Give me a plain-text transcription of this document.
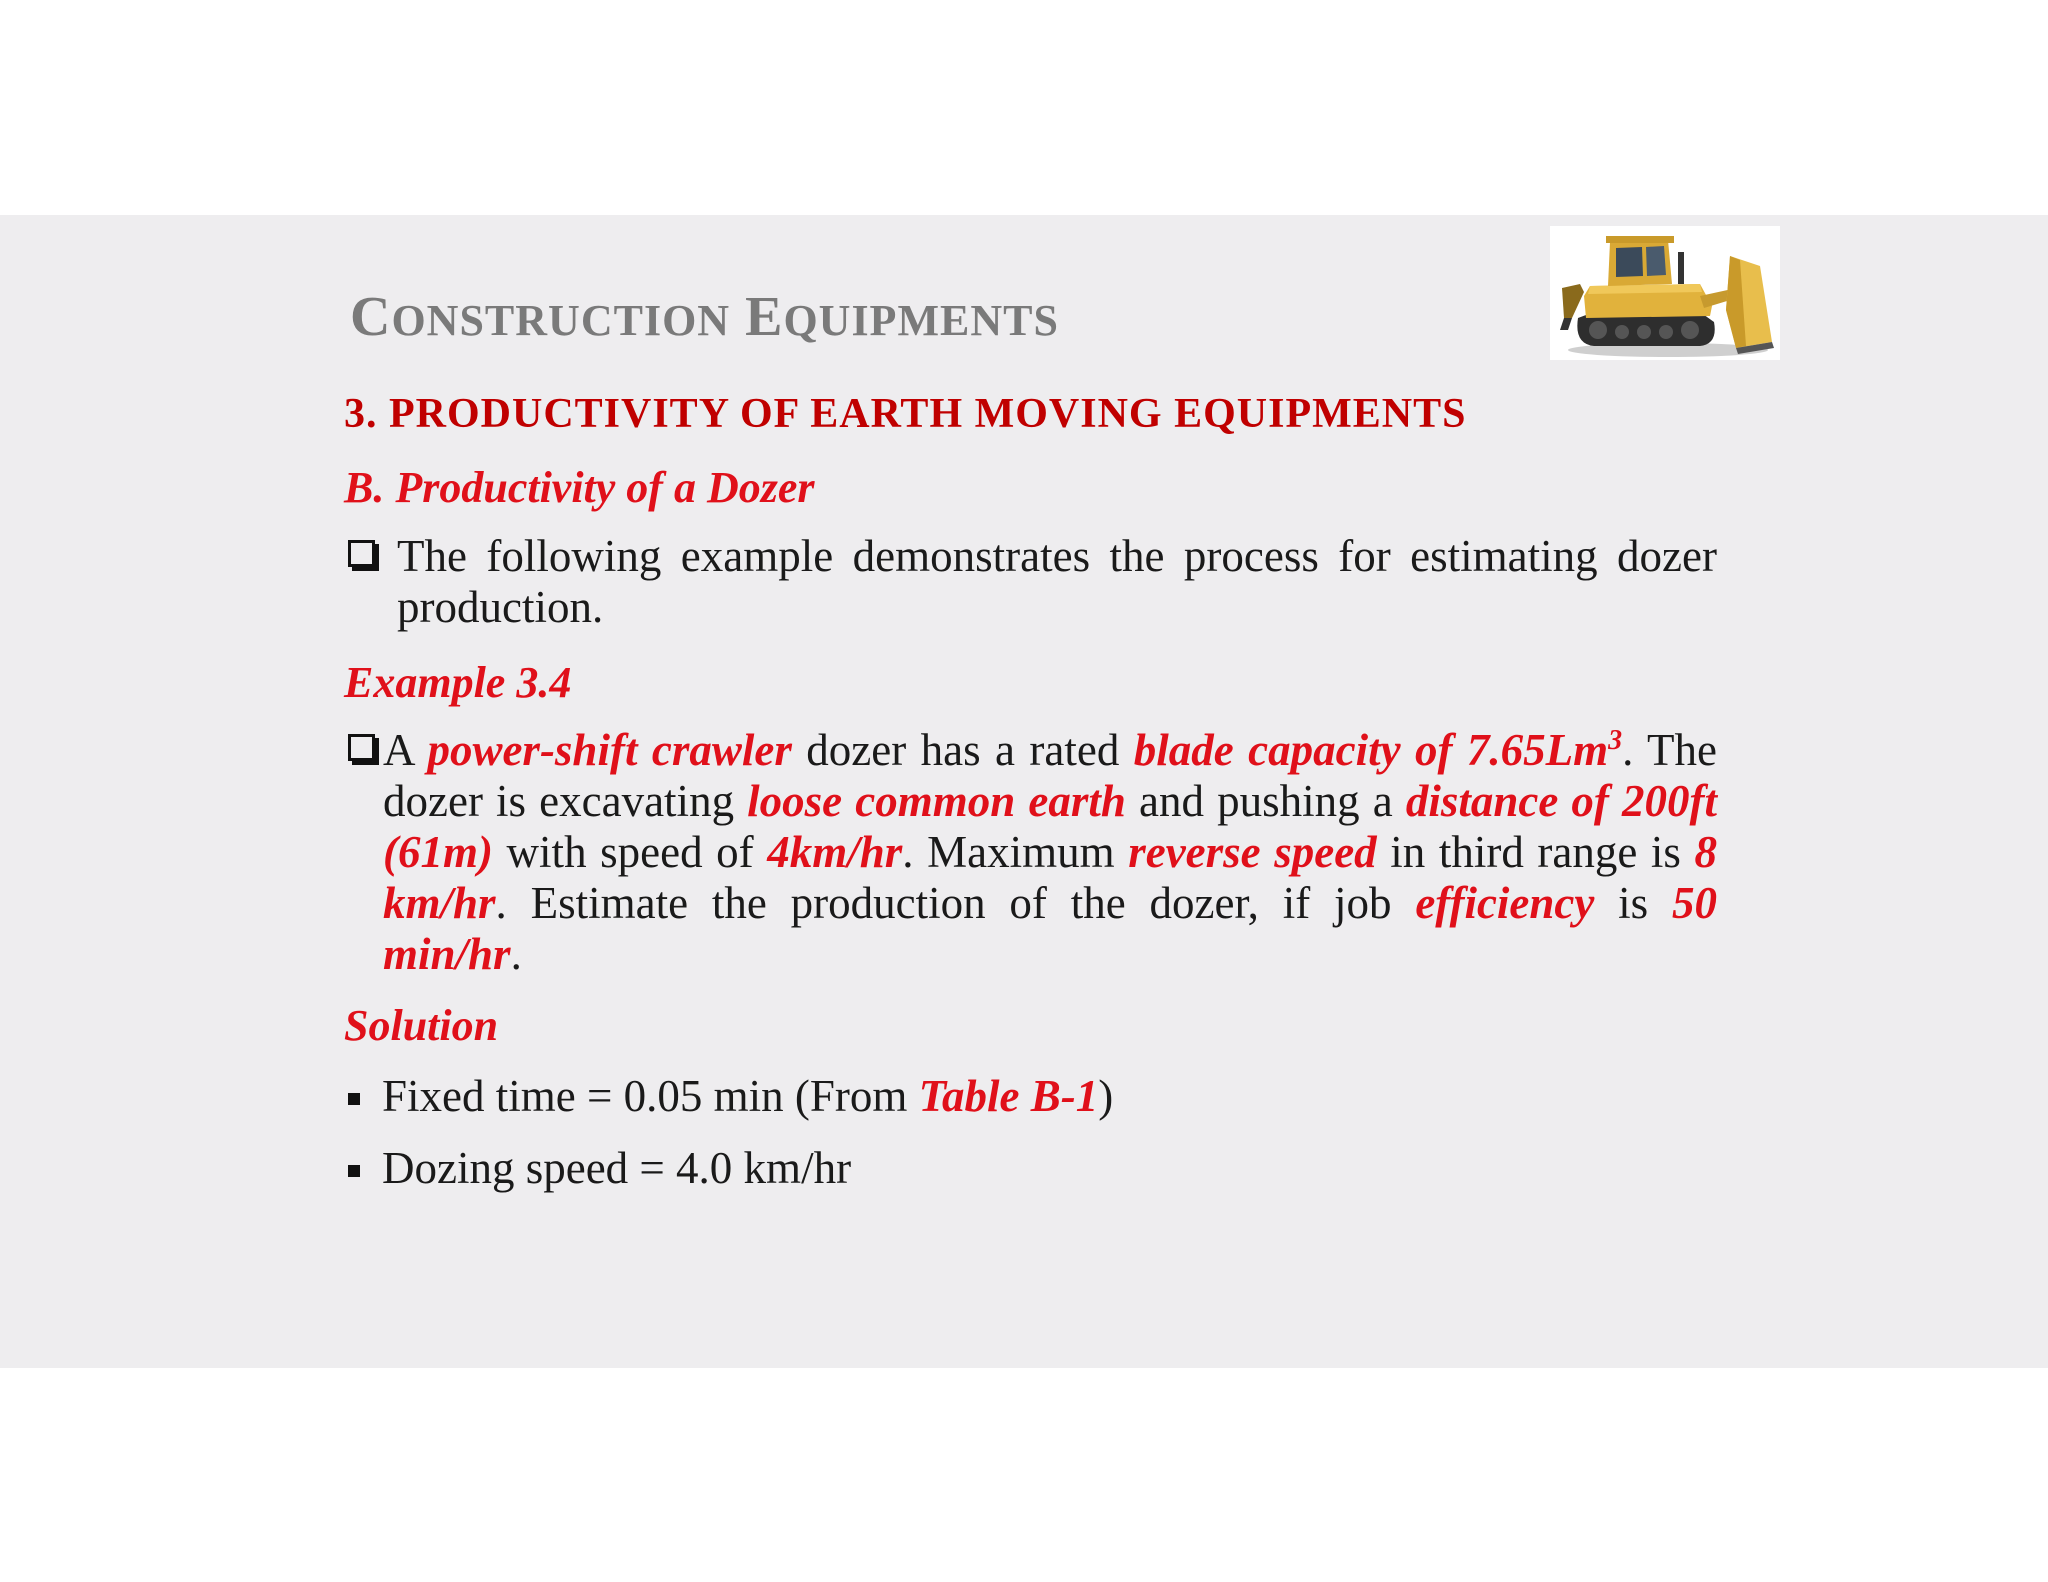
CONSTRUCTION EQUIPMENTS
3. PRODUCTIVITY OF EARTH MOVING EQUIPMENTS
B. Productivity of a Dozer
The following example demonstrates the process for estimating dozer production.
Example 3.4
A power-shift crawler dozer has a rated blade capacity of 7.65Lm$^3$. The dozer is excavating loose common earth and pushing a distance of 200ft (61m) with speed of 4km/hr. Maximum reverse speed in third range is 8 km/hr. Estimate the production of the dozer, if job efficiency is 50 min/hr.
Solution
Fixed time = 0.05 min (From Table B-1)
Dozing speed = 4.0 km/hr
